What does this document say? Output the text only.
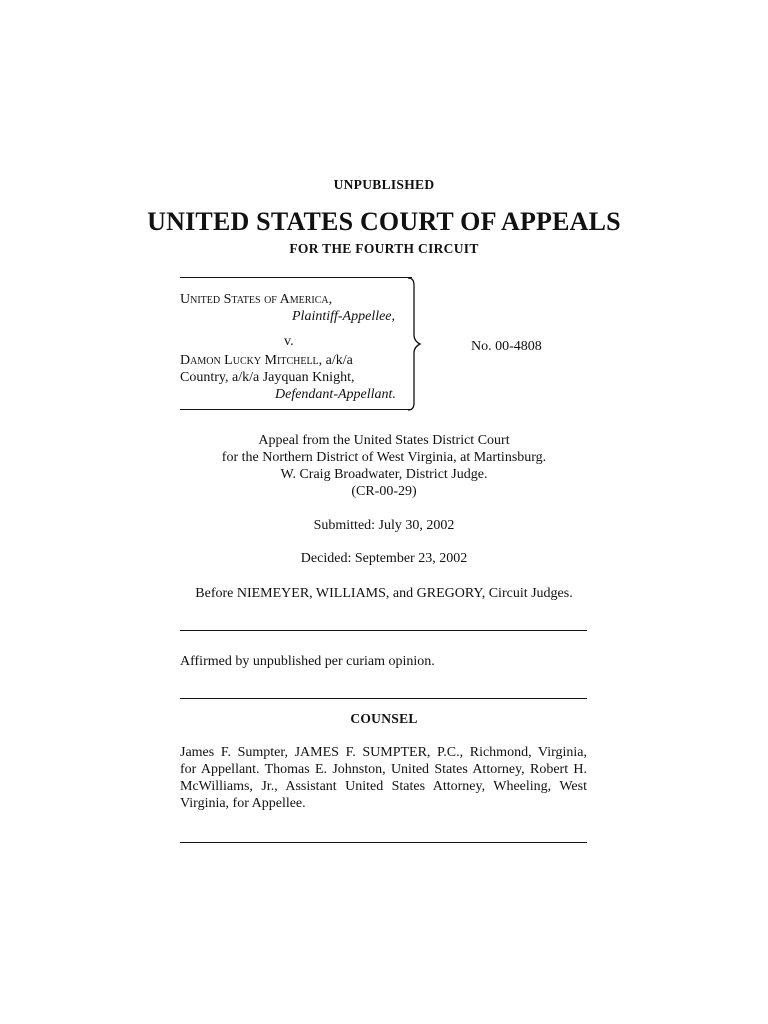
UNPUBLISHED
UNITED STATES COURT OF APPEALS
FOR THE FOURTH CIRCUIT
United States of America,
Plaintiff-Appellee,
v.
Damon Lucky Mitchell, a/k/a
Country, a/k/a Jayquan Knight,
Defendant-Appellant.
No. 00-4808
Appeal from the United States District Court
for the Northern District of West Virginia, at Martinsburg.
W. Craig Broadwater, District Judge.
(CR-00-29)
Submitted: July 30, 2002
Decided: September 23, 2002
Before NIEMEYER, WILLIAMS, and GREGORY, Circuit Judges.
Affirmed by unpublished per curiam opinion.
COUNSEL
James F. Sumpter, JAMES F. SUMPTER, P.C., Richmond, Virginia,
for Appellant. Thomas E. Johnston, United States Attorney, Robert H.
McWilliams, Jr., Assistant United States Attorney, Wheeling, West
Virginia, for Appellee.
